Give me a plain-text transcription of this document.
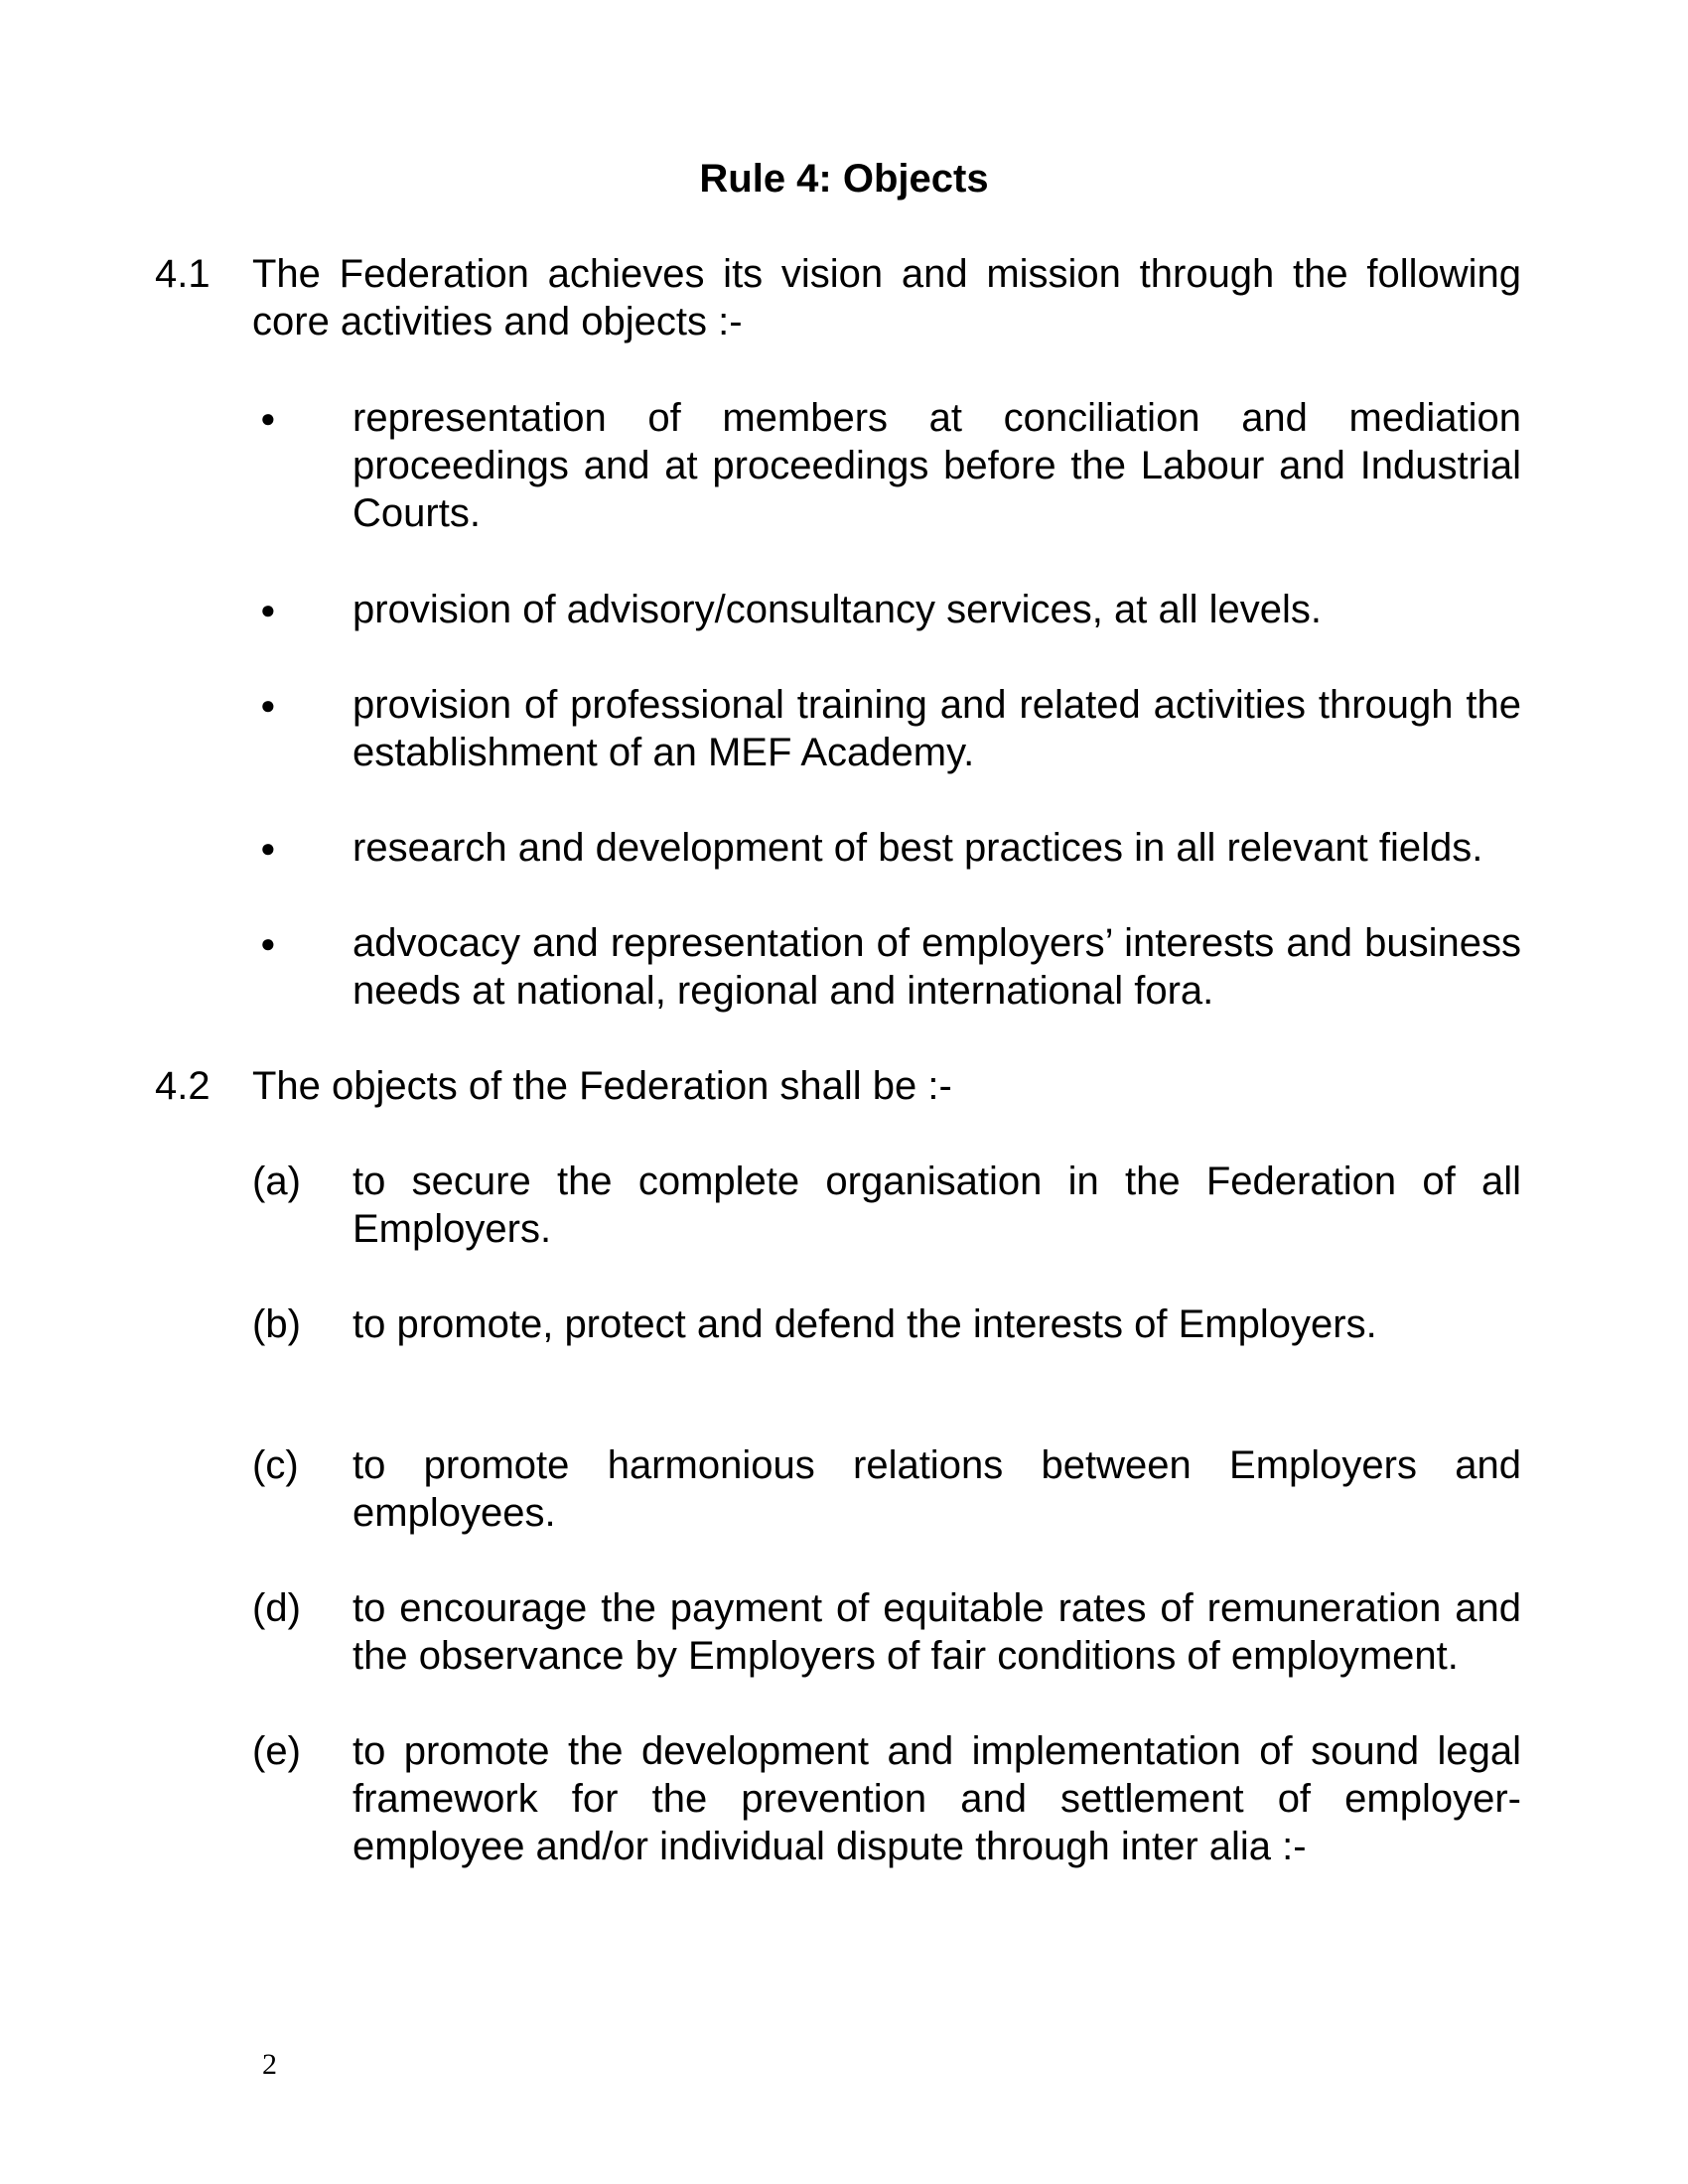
Rule 4: Objects
4.1	The Federation achieves its vision and mission through the following core activities and objects :-
● representation of members at conciliation and mediation proceedings and at proceedings before the Labour and Industrial Courts.
● provision of advisory/consultancy services, at all levels.
● provision of professional training and related activities through the establishment of an MEF Academy.
● research and development of best practices in all relevant fields.
● advocacy and representation of employers’ interests and business needs at national, regional and international fora.
4.2	The objects of the Federation shall be :-
(a)	to secure the complete organisation in the Federation of all Employers.
(b)	to promote, protect and defend the interests of Employers.
(c)	to promote harmonious relations between Employers and employees.
(d)	to encourage the payment of equitable rates of remuneration and the observance by Employers of fair conditions of employment.
(e)	to promote the development and implementation of sound legal framework for the prevention and settlement of employer-employee and/or individual dispute through inter alia :-
2
